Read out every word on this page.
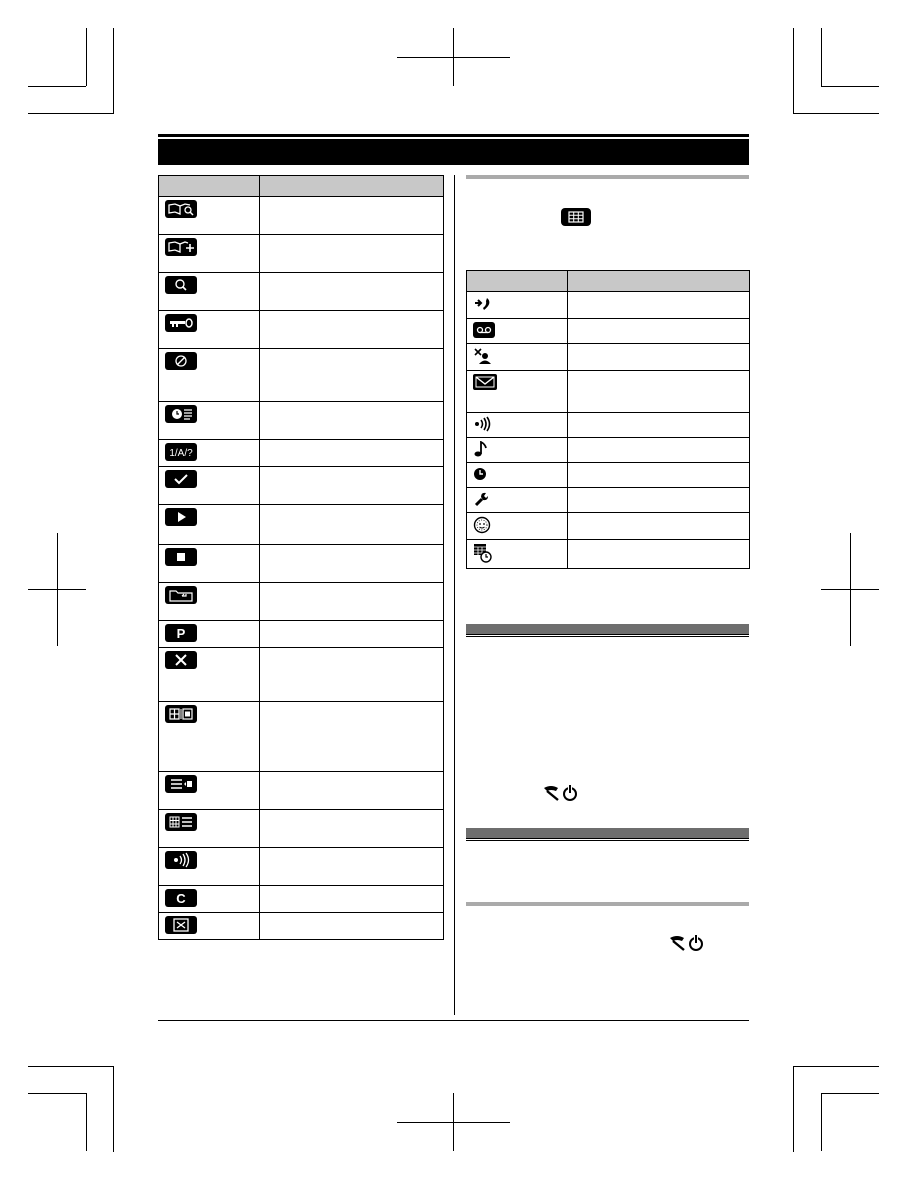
1/A/?	

P	

C	
